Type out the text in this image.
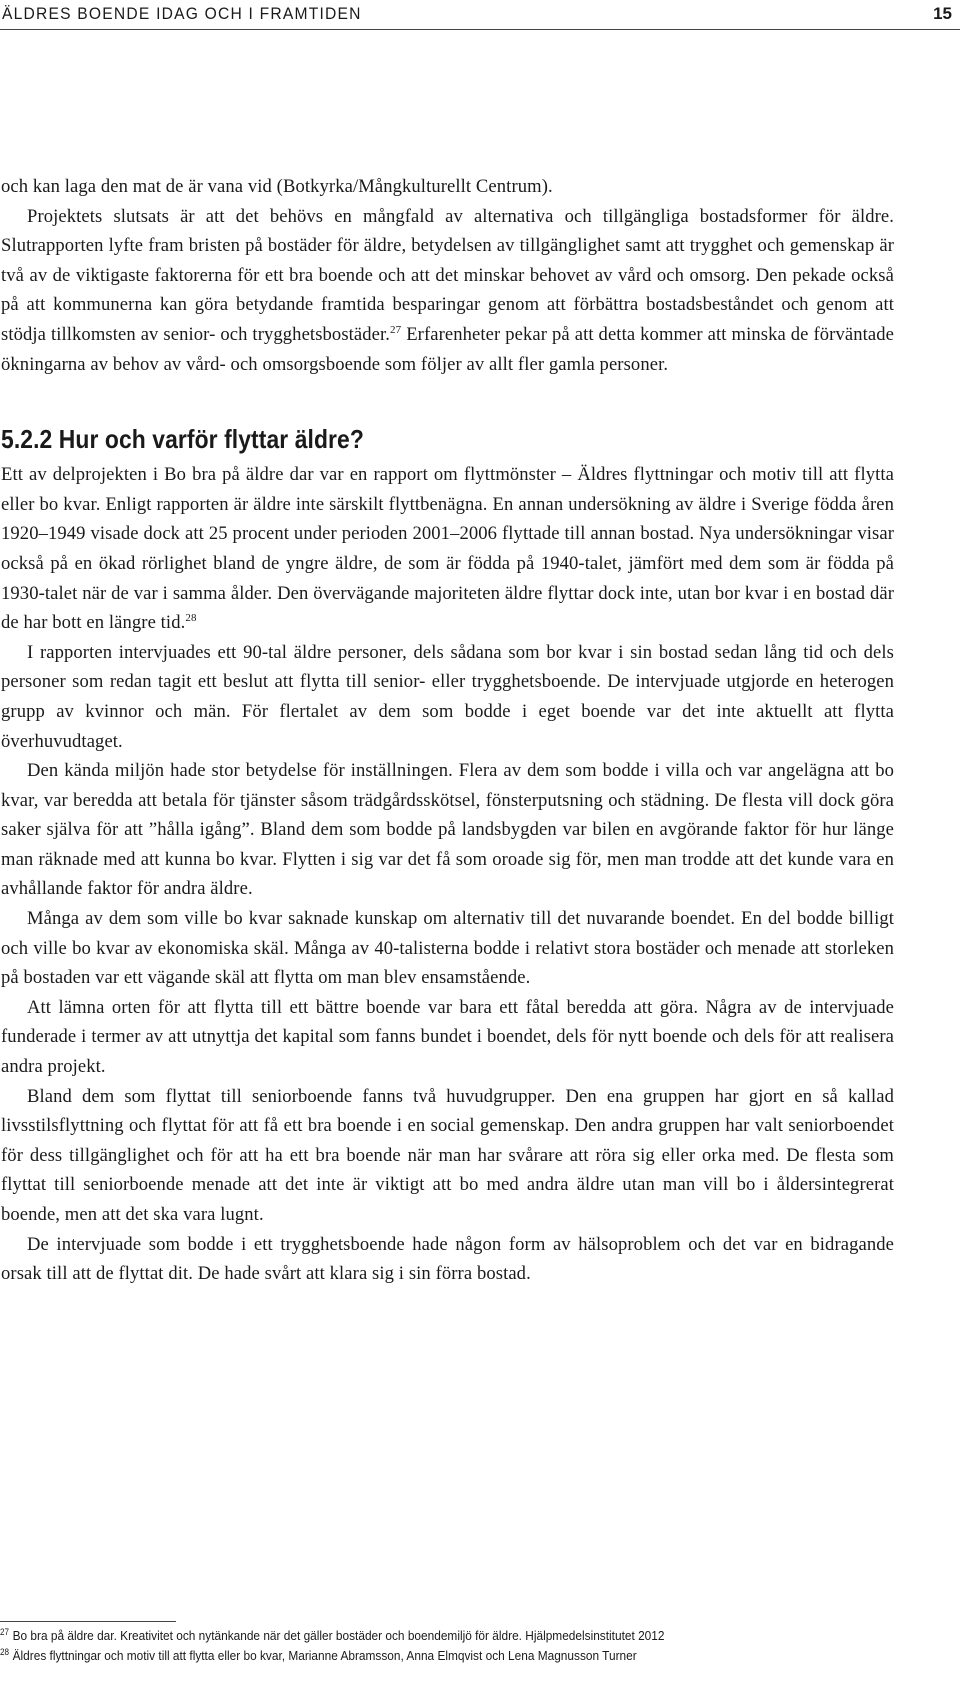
ÄLDRES BOENDE IDAG OCH I FRAMTIDEN	15

och kan laga den mat de är vana vid (Botkyrka/Mångkulturellt Centrum).

Projektets slutsats är att det behövs en mångfald av alternativa och tillgängliga bostadsformer för äldre. Slutrapporten lyfte fram bristen på bostäder för äldre, betydelsen av tillgänglighet samt att trygghet och gemenskap är två av de viktigaste faktorerna för ett bra boende och att det minskar behovet av vård och omsorg. Den pekade också på att kommunerna kan göra betydande framtida besparingar genom att förbättra bostadsbeståndet och genom att stödja tillkomsten av senior- och trygghetsbostäder.$^{27}$ Erfarenheter pekar på att detta kommer att minska de förväntade ökningarna av behov av vård- och omsorgsboende som följer av allt fler gamla personer.

5.2.2 Hur och varför flyttar äldre?

Ett av delprojekten i Bo bra på äldre dar var en rapport om flyttmönster – Äldres flyttningar och motiv till att flytta eller bo kvar. Enligt rapporten är äldre inte särskilt flyttbenägna. En annan undersökning av äldre i Sverige födda åren 1920–1949 visade dock att 25 procent under perioden 2001–2006 flyttade till annan bostad. Nya undersökningar visar också på en ökad rörlighet bland de yngre äldre, de som är födda på 1940-talet, jämfört med dem som är födda på 1930-talet när de var i samma ålder. Den övervägande majoriteten äldre flyttar dock inte, utan bor kvar i en bostad där de har bott en längre tid.$^{28}$

I rapporten intervjuades ett 90-tal äldre personer, dels sådana som bor kvar i sin bostad sedan lång tid och dels personer som redan tagit ett beslut att flytta till senior- eller trygghetsboende. De intervjuade utgjorde en heterogen grupp av kvinnor och män. För flertalet av dem som bodde i eget boende var det inte aktuellt att flytta överhuvudtaget.

Den kända miljön hade stor betydelse för inställningen. Flera av dem som bodde i villa och var angelägna att bo kvar, var beredda att betala för tjänster såsom trädgårdsskötsel, fönsterputsning och städning. De flesta vill dock göra saker själva för att ”hålla igång”. Bland dem som bodde på landsbygden var bilen en avgörande faktor för hur länge man räknade med att kunna bo kvar. Flytten i sig var det få som oroade sig för, men man trodde att det kunde vara en avhållande faktor för andra äldre.

Många av dem som ville bo kvar saknade kunskap om alternativ till det nuvarande boendet. En del bodde billigt och ville bo kvar av ekonomiska skäl. Många av 40-talisterna bodde i relativt stora bostäder och menade att storleken på bostaden var ett vägande skäl att flytta om man blev ensamstående.

Att lämna orten för att flytta till ett bättre boende var bara ett fåtal beredda att göra. Några av de intervjuade funderade i termer av att utnyttja det kapital som fanns bundet i boendet, dels för nytt boende och dels för att realisera andra projekt.

Bland dem som flyttat till seniorboende fanns två huvudgrupper. Den ena gruppen har gjort en så kallad livsstilsflyttning och flyttat för att få ett bra boende i en social gemenskap. Den andra gruppen har valt seniorboendet för dess tillgänglighet och för att ha ett bra boende när man har svårare att röra sig eller orka med. De flesta som flyttat till seniorboende menade att det inte är viktigt att bo med andra äldre utan man vill bo i åldersintegrerat boende, men att det ska vara lugnt.

De intervjuade som bodde i ett trygghetsboende hade någon form av hälsoproblem och det var en bidragande orsak till att de flyttat dit. De hade svårt att klara sig i sin förra bostad.

$^{27}$ Bo bra på äldre dar. Kreativitet och nytänkande när det gäller bostäder och boendemiljö för äldre. Hjälpmedelsinstitutet 2012
$^{28}$ Äldres flyttningar och motiv till att flytta eller bo kvar, Marianne Abramsson, Anna Elmqvist och Lena Magnusson Turner
